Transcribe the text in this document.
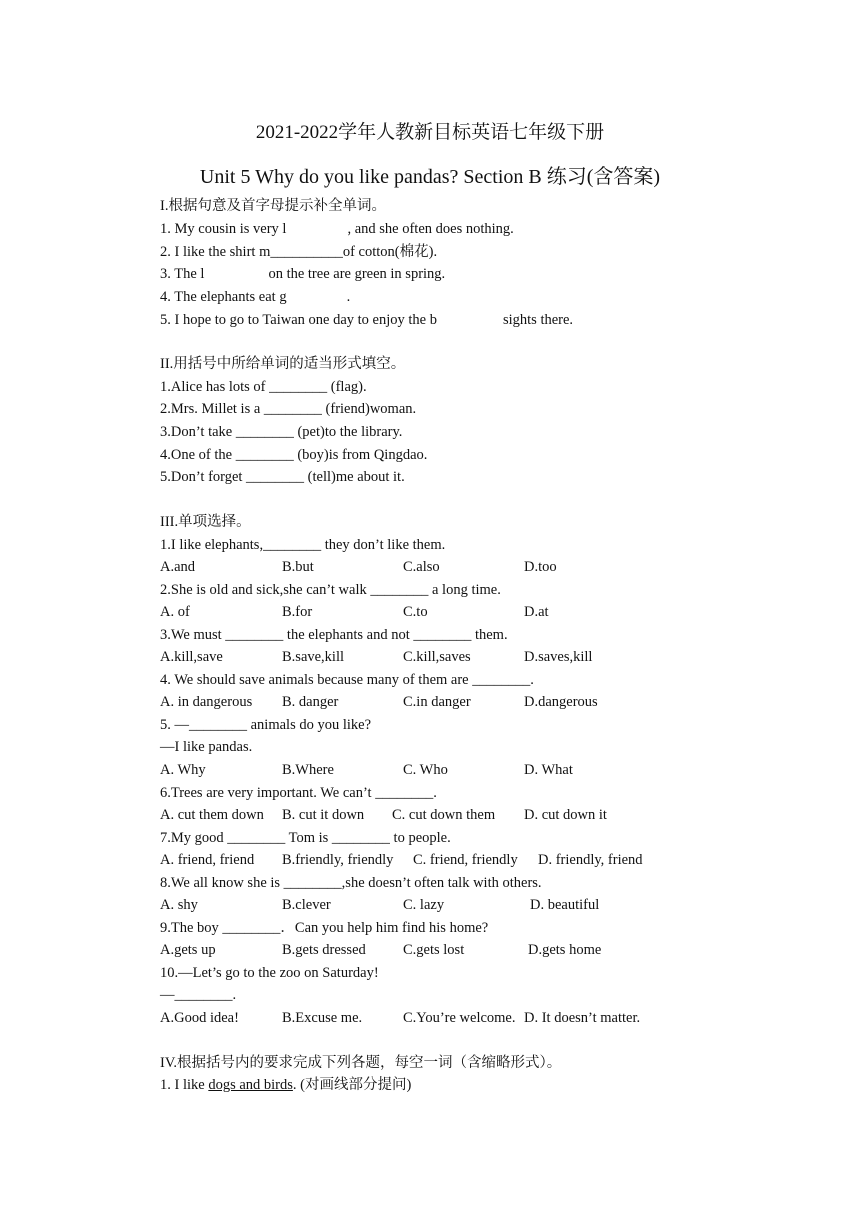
2021-2022学年人教新目标英语七年级下册
Unit 5 Why do you like pandas? Section B 练习(含答案)
I.根据句意及首字母提示补全单词。
1. My cousin is very l	, and she often does nothing.
2. I like the shirt m__________of cotton(棉花).
3. The l	on the tree are green in spring.
4. The elephants eat g	.
5. I hope to go to Taiwan one day to enjoy the b	sights there.
II.用括号中所给单词的适当形式填空。
1.Alice has lots of ________ (flag).
2.Mrs. Millet is a ________ (friend)woman.
3.Don’t take ________ (pet)to the library.
4.One of the ________ (boy)is from Qingdao.
5.Don’t forget ________ (tell)me about it.
III.单项选择。
1.I like elephants,________ they don’t like them.
A.and	B.but	C.also	D.too
2.She is old and sick,she can’t walk ________ a long time.
A. of	B.for	C.to	D.at
3.We must ________ the elephants and not ________ them.
A.kill,save	B.save,kill	C.kill,saves	D.saves,kill
4. We should save animals because many of them are ________.
A. in dangerous B. danger	C.in danger	D.dangerous
5. —________ animals do you like?
—I like pandas.
A. Why	B.Where	C. Who	D. What
6.Trees are very important. We can’t ________.
A. cut them down B. cut it down C. cut down them D. cut down it
7.My good ________ Tom is ________ to people.
A. friend, friend B.friendly, friendly C. friend, friendly D. friendly, friend
8.We all know she is ________,she doesn’t often talk with others.
A. shy	B.clever	C. lazy	D. beautiful
9.The boy ________．Can you help him find his home?
A.gets up	B.gets dressed	C.gets lost	D.gets home
10.—Let’s go to the zoo on Saturday!
—________.
A.Good idea!	B.Excuse me.	C.You’re welcome. D. It doesn’t matter.
IV.根据括号内的要求完成下列各题，每空一词（含缩略形式）。
1. I like dogs and birds. (对画线部分提问)
